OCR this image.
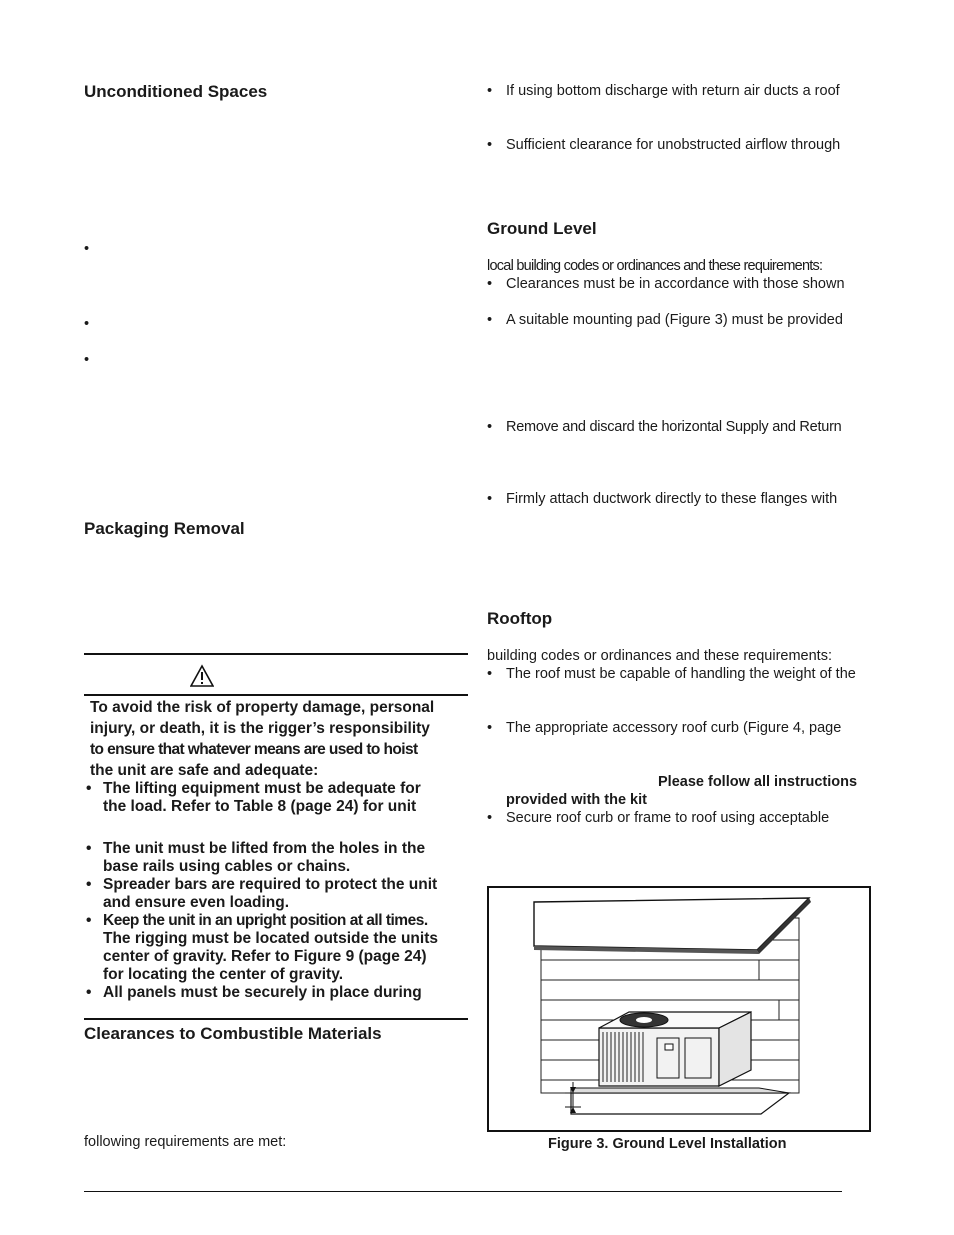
Unconditioned Spaces
•
•
•
Packaging Removal
To avoid the risk of property damage, personal
injury, or death, it is the rigger’s responsibility
to ensure that whatever means are used to hoist
the unit are safe and adequate:
• The lifting equipment must be adequate for
the load. Refer to Table 8 (page 24) for unit
• The unit must be lifted from the holes in the
base rails using cables or chains.
• Spreader bars are required to protect the unit
and ensure even loading.
• Keep the unit in an upright position at all times.
The rigging must be located outside the units
center of gravity. Refer to Figure 9 (page 24)
for locating the center of gravity.
• All panels must be securely in place during
Clearances to Combustible Materials
following requirements are met:
• If using bottom discharge with return air ducts a roof
• Sufficient clearance for unobstructed airflow through
Ground Level
local building codes or ordinances and these requirements:
• Clearances must be in accordance with those shown
• A suitable mounting pad (Figure 3) must be provided
• Remove and discard the horizontal Supply and Return
• Firmly attach ductwork directly to these flanges with
Rooftop
building codes or ordinances and these requirements:
• The roof must be capable of handling the weight of the
• The appropriate accessory roof curb (Figure 4, page
Please follow all instructions
provided with the kit
• Secure roof curb or frame to roof using acceptable
Figure 3. Ground Level Installation
